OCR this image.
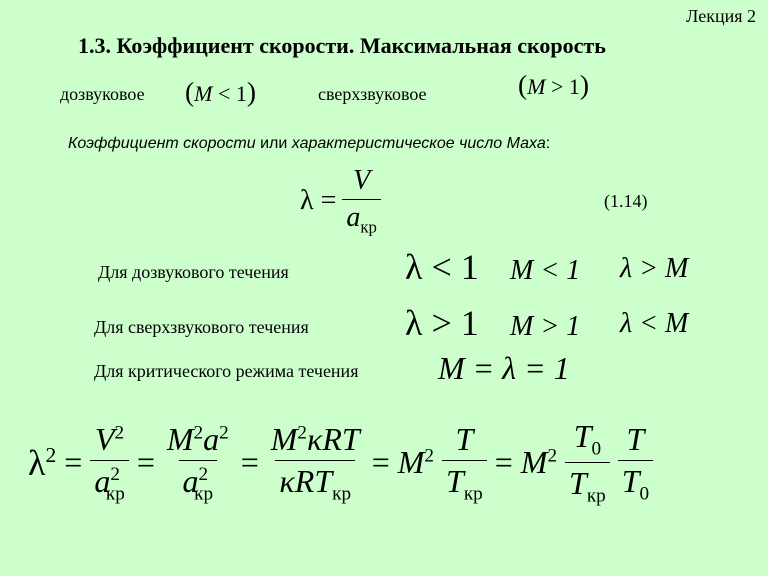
Лекция 2
1.3. Коэффициент скорости. Максимальная скорость
дозвуковое (M < 1)	сверхзвуковое	(M > 1)
Коэффициент скорости или характеристическое число Маха:
$\lambda = \frac{V}{a_{кр}}$	(1.14)
Для дозвукового течения	λ < 1 M < 1 λ > M
Для сверхзвукового течения	λ > 1 M > 1 λ < M
Для критического режима течения M = λ = 1
$\lambda^2 = \frac{V^2}{a^2_{кр}} = \frac{M^2a^2}{a^2_{кр}} = \frac{M^2\kappa RT}{\kappa RT_{кр}} = M^2 \frac{T}{T_{кр}} = M^2 \frac{T_0}{T_{кр}} \frac{T}{T_0}$
